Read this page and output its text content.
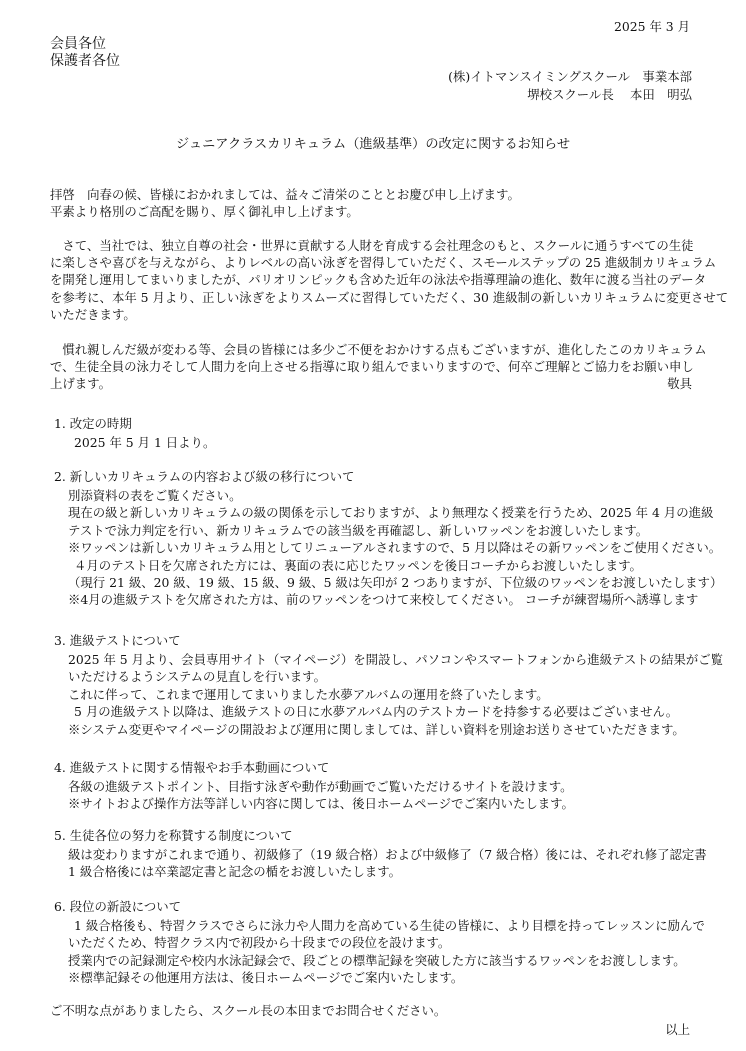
2025 年 3 月
会員各位
保護者各位
(株)イトマンスイミングスクール　事業本部
堺校スクール長　 本田　明弘
ジュニアクラスカリキュラム（進級基準）の改定に関するお知らせ
拝啓　向春の候、皆様におかれましては、益々ご清栄のこととお慶び申し上げます。
平素より格別のご高配を賜り、厚く御礼申し上げます。
　さて、当社では、独立自尊の社会・世界に貢献する人財を育成する会社理念のもと、スクールに通うすべての生徒
に楽しさや喜びを与えながら、よりレベルの高い泳ぎを習得していただく、スモールステップの 25 進級制カリキュラム
を開発し運用してまいりましたが、パリオリンピックも含めた近年の泳法や指導理論の進化、数年に渡る当社のデータ
を参考に、本年 5 月より、正しい泳ぎをよりスムーズに習得していただく、30 進級制の新しいカリキュラムに変更させて
いただきます。
　慣れ親しんだ級が変わる等、会員の皆様には多少ご不便をおかけする点もございますが、進化したこのカリキュラム
で、生徒全員の泳力そして人間力を向上させる指導に取り組んでまいりますので、何卒ご理解とご協力をお願い申し
上げます。	敬具
1. 改定の時期
2025 年 5 月 1 日より。
2. 新しいカリキュラムの内容および級の移行について
別添資料の表をご覧ください。
現在の級と新しいカリキュラムの級の関係を示しておりますが、より無理なく授業を行うため、2025 年 4 月の進級
テストで泳力判定を行い、新カリキュラムでの該当級を再確認し、新しいワッペンをお渡しいたします。
※ワッペンは新しいカリキュラム用としてリニューアルされますので、5 月以降はその新ワッペンをご使用ください。
４月のテスト日を欠席された方には、裏面の表に応じたワッペンを後日コーチからお渡しいたします。
（現行 21 級、20 級、19 級、15 級、9 級、5 級は矢印が 2 つありますが、下位級のワッペンをお渡しいたします）
※4月の進級テストを欠席された方は、前のワッペンをつけて来校してください。 コーチが練習場所へ誘導します
3. 進級テストについて
2025 年 5 月より、会員専用サイト（マイページ）を開設し、パソコンやスマートフォンから進級テストの結果がご覧
いただけるようシステムの見直しを行います。
これに伴って、これまで運用してまいりました水夢アルバムの運用を終了いたします。
5 月の進級テスト以降は、進級テストの日に水夢アルバム内のテストカードを持参する必要はございません。
※システム変更やマイページの開設および運用に関しましては、詳しい資料を別途お送りさせていただきます。
4. 進級テストに関する情報やお手本動画について
各級の進級テストポイント、目指す泳ぎや動作が動画でご覧いただけるサイトを設けます。
※サイトおよび操作方法等詳しい内容に関しては、後日ホームページでご案内いたします。
5. 生徒各位の努力を称賛する制度について
級は変わりますがこれまで通り、初級修了（19 級合格）および中級修了（7 級合格）後には、それぞれ修了認定書
1 級合格後には卒業認定書と記念の楯をお渡しいたします。
6. 段位の新設について
1 級合格後も、特習クラスでさらに泳力や人間力を高めている生徒の皆様に、より目標を持ってレッスンに励んで
いただくため、特習クラス内で初段から十段までの段位を設けます。
授業内での記録測定や校内水泳記録会で、段ごとの標準記録を突破した方に該当するワッペンをお渡しします。
※標準記録その他運用方法は、後日ホームページでご案内いたします。
ご不明な点がありましたら、スクール長の本田までお問合せください。
以上
